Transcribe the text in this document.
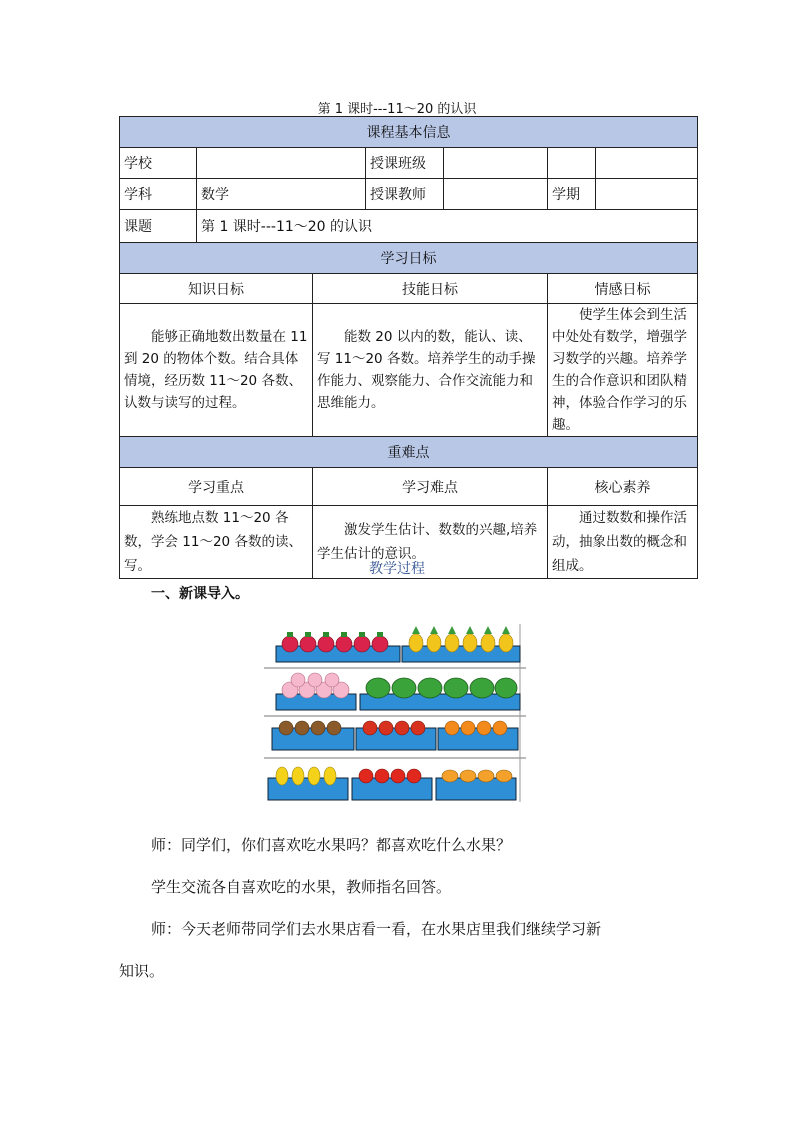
第 1 课时---11～20 的认识
课程基本信息						
学校			授课班级			
学科	数学		授课教师		学期	
课题	第 1 课时---11～20 的认识					
学习日标						
知识日标		技能日标			情感日标	
能够正确地数出数量在 11 到 20 的物体个数。结合具体情境，经历数 11～20 各数、认数与读写的过程。		能数 20 以内的数，能认、读、写 11～20 各数。培养学生的动手操作能力、观察能力、合作交流能力和思维能力。			使学生体会到生活中处处有数学，增强学习数学的兴趣。培养学生的合作意识和团队精神，体验合作学习的乐趣。	
重难点						
学习重点		学习难点			核心素养	
熟练地点数 11～20 各数，学会 11～20 各数的读、写。		激发学生估计、数数的兴趣,培养学生估计的意识。			通过数数和操作活动，抽象出数的概念和组成。	
教学过程
一、新课导入。
师：同学们，你们喜欢吃水果吗？都喜欢吃什么水果？
学生交流各自喜欢吃的水果，教师指名回答。
师：今天老师带同学们去水果店看一看，在水果店里我们继续学习新
知识。
